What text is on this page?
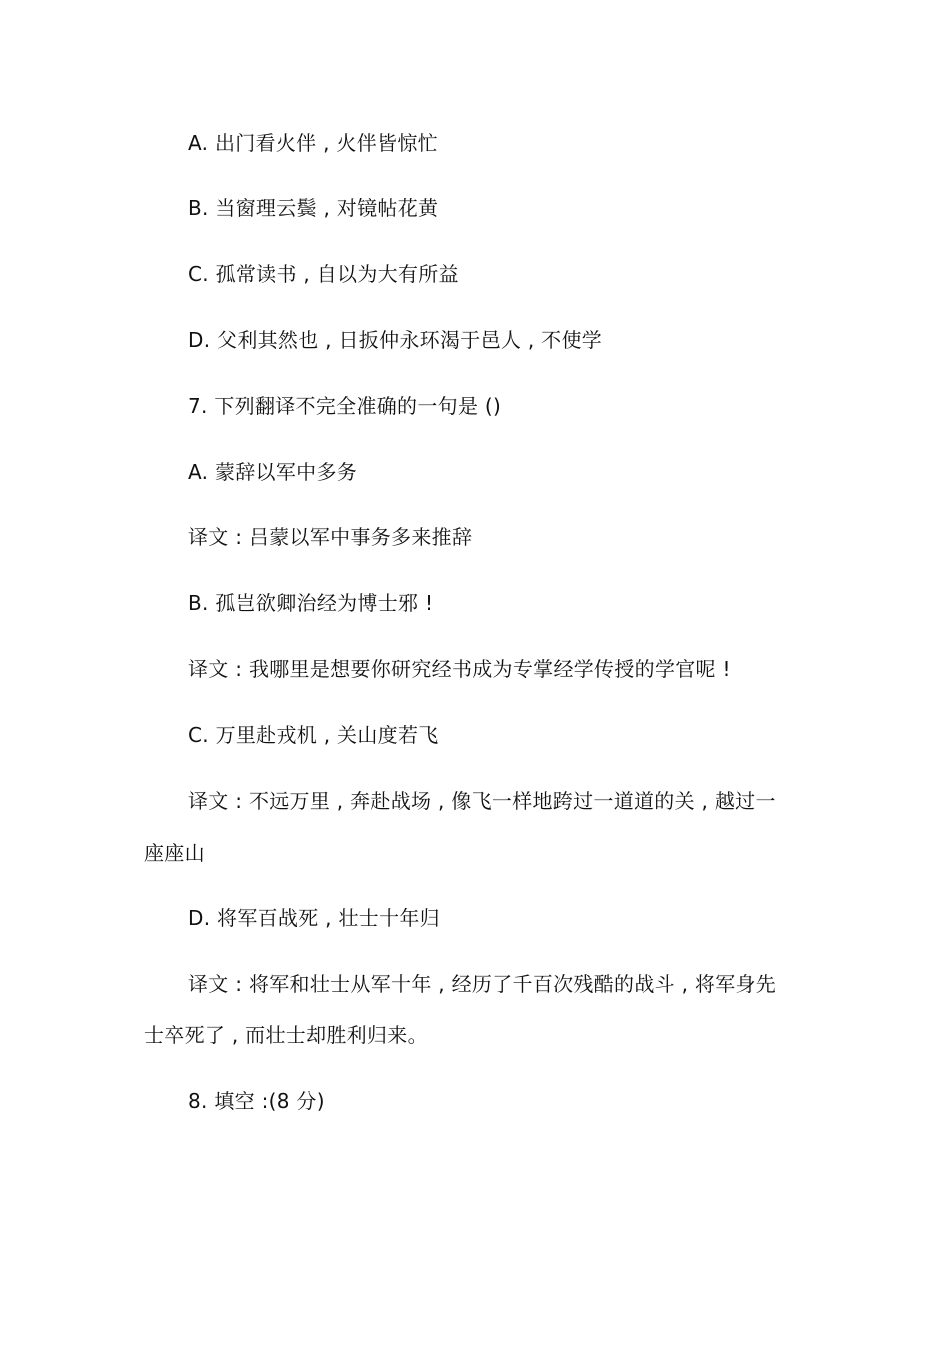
A. 出门看火伴 , 火伴皆惊忙
B. 当窗理云鬓 , 对镜帖花黄
C. 孤常读书 , 自以为大有所益
D. 父利其然也 , 日扳仲永环渴于邑人 , 不使学
7. 下列翻译不完全准确的一句是 ()
A. 蒙辞以军中多务
译文 : 吕蒙以军中事务多来推辞
B. 孤岂欲卿治经为博士邪 !
译文 : 我哪里是想要你研究经书成为专掌经学传授的学官呢 !
C. 万里赴戎机 , 关山度若飞
译文 : 不远万里 , 奔赴战场 , 像飞一样地跨过一道道的关 , 越过一
座座山
D. 将军百战死 , 壮士十年归
译文 : 将军和壮士从军十年 , 经历了千百次残酷的战斗 , 将军身先
士卒死了 , 而壮士却胜利归来。
8. 填空 :(8 分)
